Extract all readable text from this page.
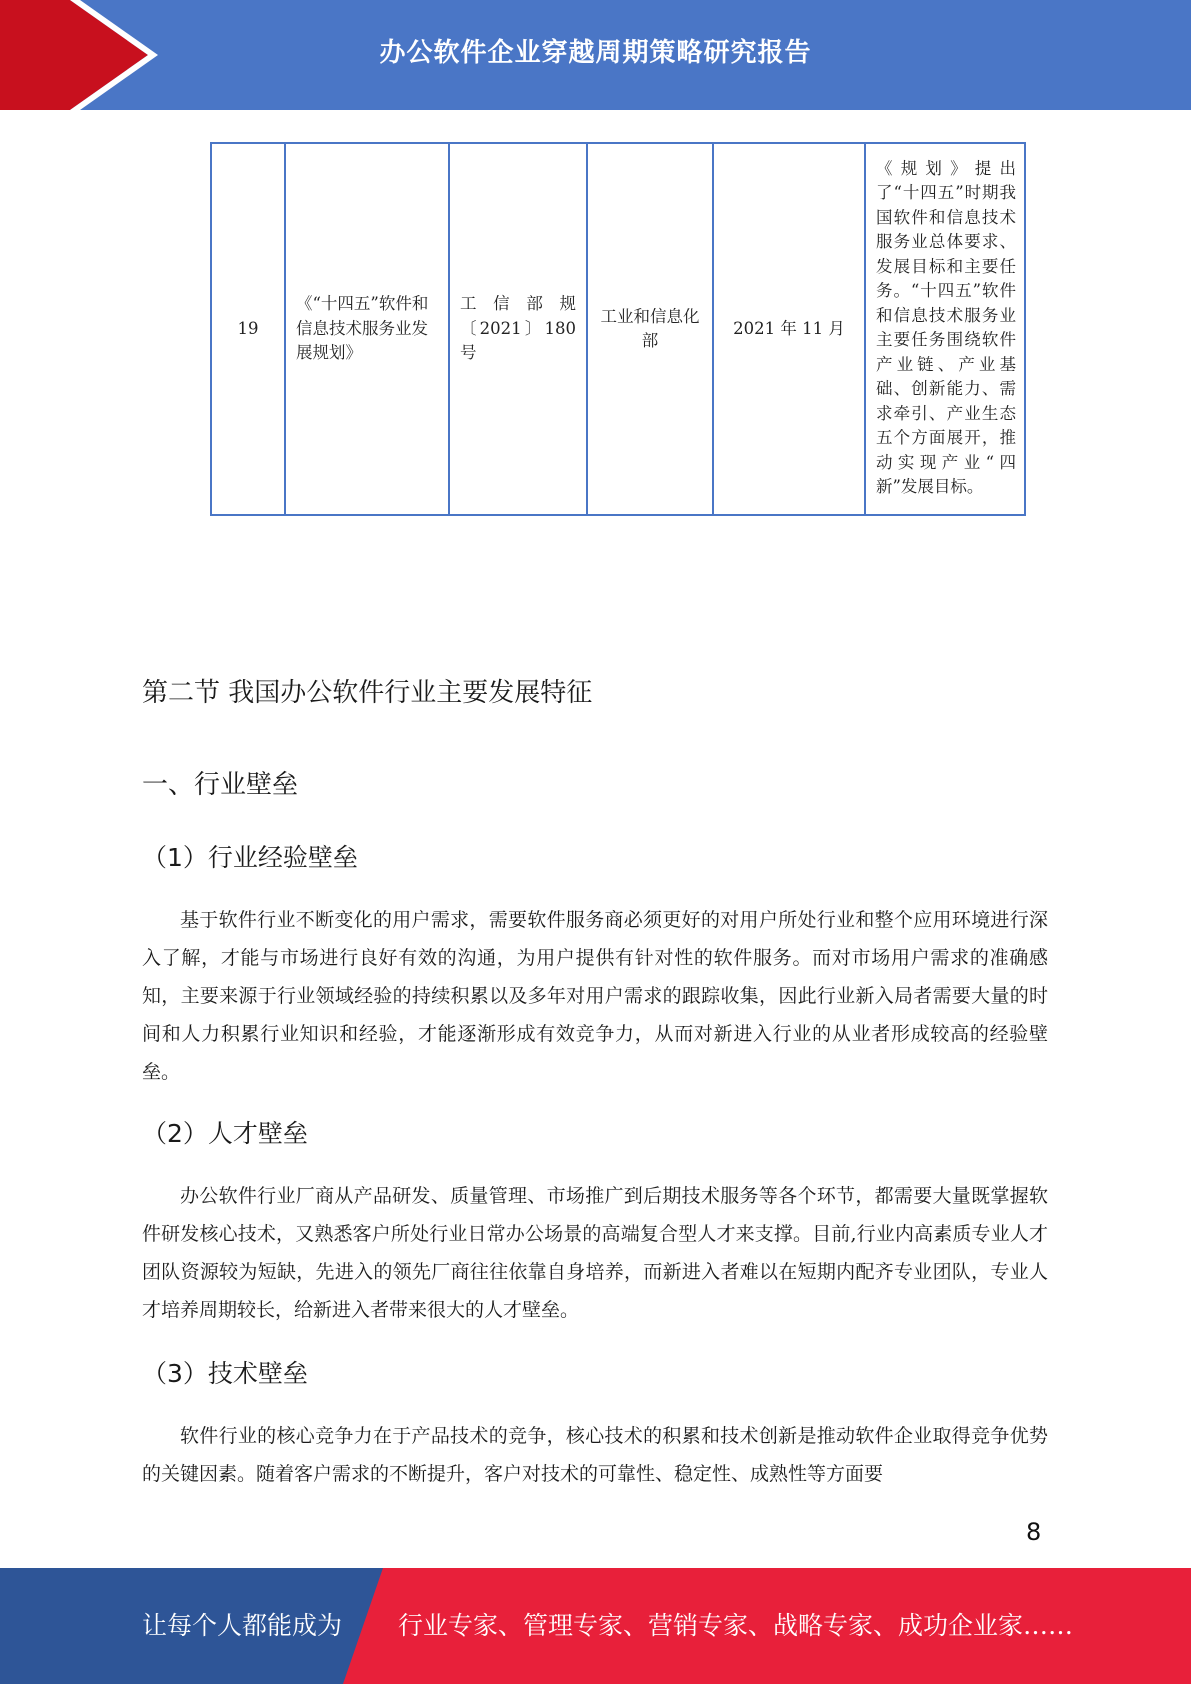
办公软件企业穿越周期策略研究报告
19	《“十四五”软件和信息技术服务业发展规划》	工 信 部 规〔2021〕180号	工业和信息化部	2021 年 11 月	《规划》提出了“十四五”时期我国软件和信息技术服务业总体要求、发展目标和主要任务。“十四五”软件和信息技术服务业主要任务围绕软件产业链、产业基础、创新能力、需求牵引、产业生态五个方面展开，推动实现产业“四新”发展目标。
第二节 我国办公软件行业主要发展特征
一、行业壁垒
（1）行业经验壁垒

基于软件行业不断变化的用户需求，需要软件服务商必须更好的对用户所处行业和整个应用环境进行深入了解，才能与市场进行良好有效的沟通，为用户提供有针对性的软件服务。而对市场用户需求的准确感知，主要来源于行业领域经验的持续积累以及多年对用户需求的跟踪收集，因此行业新入局者需要大量的时间和人力积累行业知识和经验，才能逐渐形成有效竞争力，从而对新进入行业的从业者形成较高的经验壁垒。

（2）人才壁垒

办公软件行业厂商从产品研发、质量管理、市场推广到后期技术服务等各个环节，都需要大量既掌握软件研发核心技术，又熟悉客户所处行业日常办公场景的高端复合型人才来支撑。目前,行业内高素质专业人才团队资源较为短缺，先进入的领先厂商往往依靠自身培养，而新进入者难以在短期内配齐专业团队，专业人才培养周期较长，给新进入者带来很大的人才壁垒。

（3）技术壁垒

软件行业的核心竞争力在于产品技术的竞争，核心技术的积累和技术创新是推动软件企业取得竞争优势的关键因素。随着客户需求的不断提升，客户对技术的可靠性、稳定性、成熟性等方面要

8
让每个人都能成为 行业专家、管理专家、营销专家、战略专家、成功企业家……
